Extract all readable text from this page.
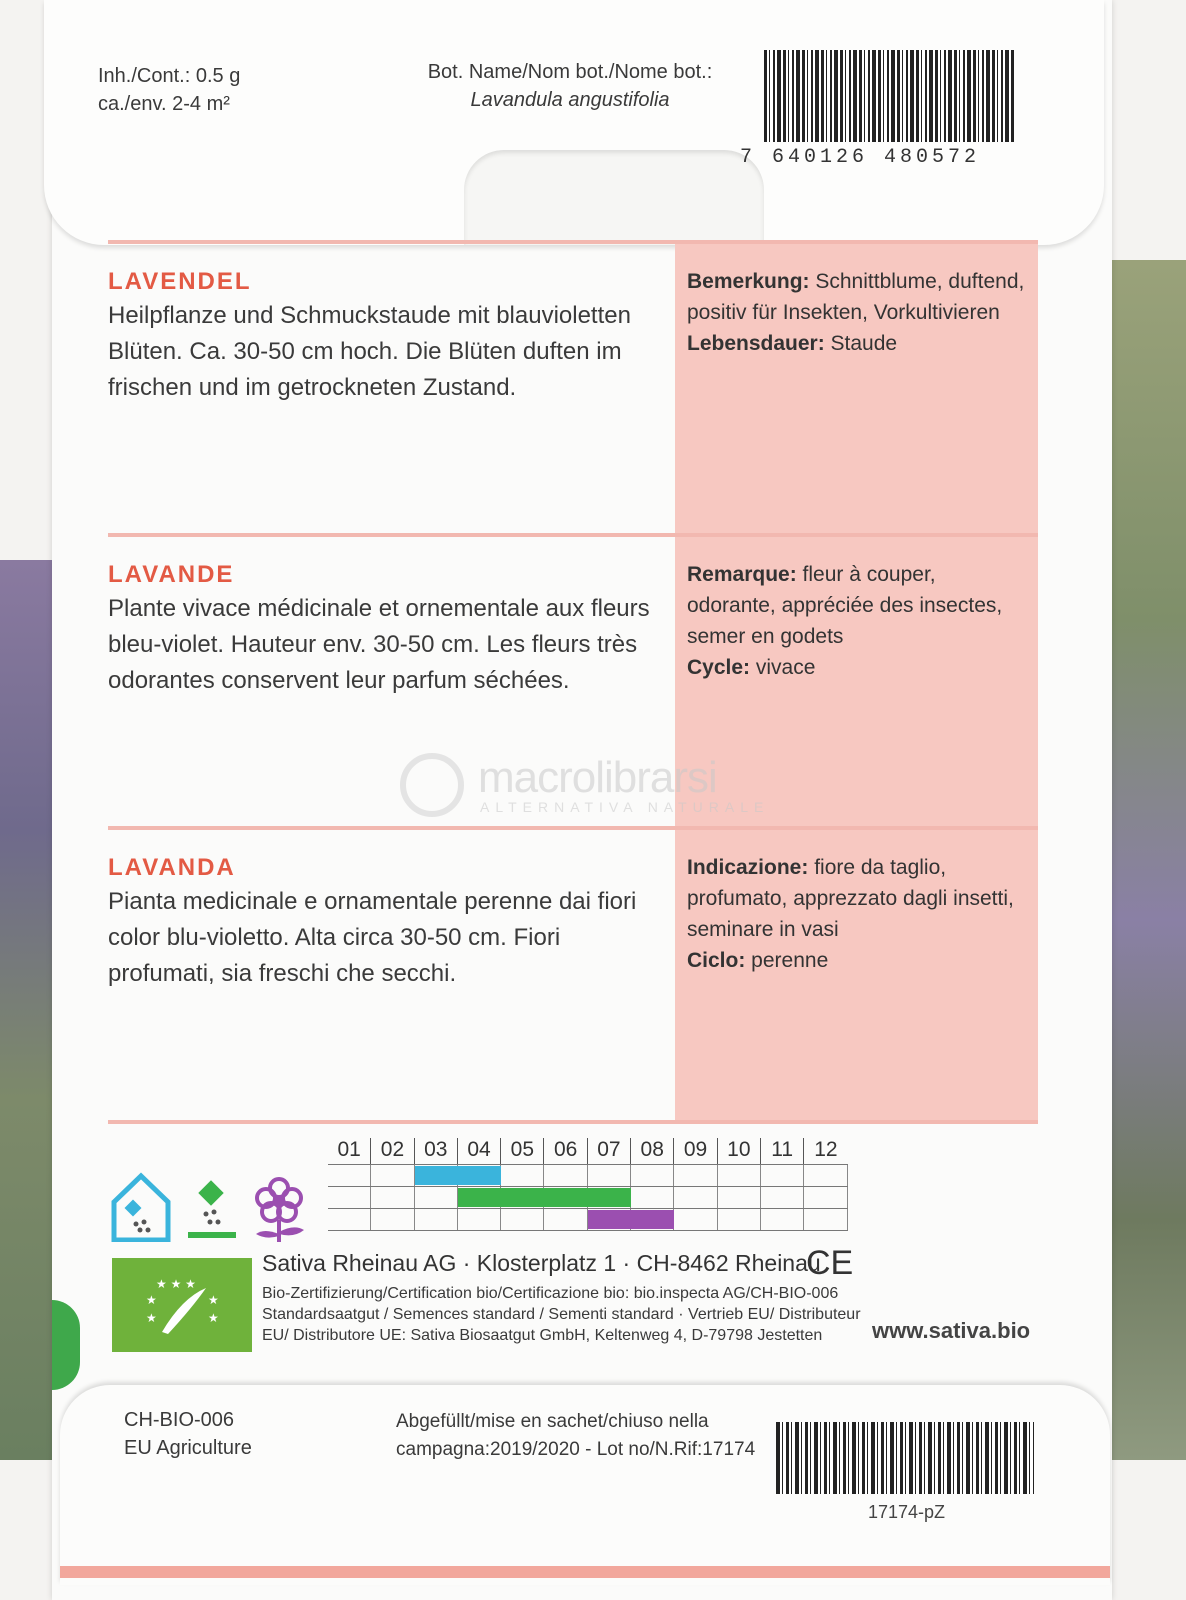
Inh./Cont.: 0.5 g
ca./env. 2-4 m²
Bot. Name/Nom bot./Nome bot.:
Lavandula angustifolia
7 640126 480572
LAVENDEL
Heilpflanze und Schmuckstaude mit blauvioletten Blüten. Ca. 30-50 cm hoch. Die Blüten duften im frischen und im getrockneten Zustand.
Bemerkung: Schnittblume, duftend, positiv für Insekten, Vorkultivieren
Lebensdauer: Staude
LAVANDE
Plante vivace médicinale et ornementale aux fleurs bleu-violet. Hauteur env. 30-50 cm. Les fleurs très odorantes conservent leur parfum séchées.
Remarque: fleur à couper, odorante, appréciée des insectes, semer en godets
Cycle: vivace
LAVANDA
Pianta medicinale e ornamentale perenne dai fiori color blu-violetto. Alta circa 30-50 cm. Fiori profumati, sia freschi che secchi.
Indicazione: fiore da taglio, profumato, apprezzato dagli insetti, seminare in vasi
Ciclo: perenne
macrolibrarsi
ALTERNATIVA NATURALE
01 02 03 04 05 06 07 08 09 10 11	12
★ ★ ★
★	★
★	★
Sativa Rheinau AG · Klosterplatz 1 · CH-8462 Rheinau
CE
Bio-Zertifizierung/Certification bio/Certificazione bio: bio.inspecta AG/CH-BIO-006
Standardsaatgut / Semences standard / Sementi standard · Vertrieb EU/ Distributeur EU/ Distributore UE: Sativa Biosaatgut GmbH, Keltenweg 4, D-79798 Jestetten	www.sativa.bio
CH-BIO-006
EU Agriculture
Abgefüllt/mise en sachet/chiuso nella
campagna:2019/2020 - Lot no/N.Rif:17174
17174-pZ
